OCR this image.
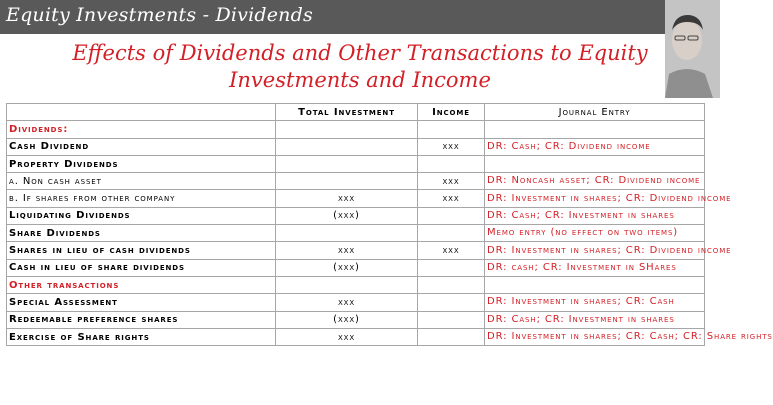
Equity Investments - Dividends
Effects of Dividends and Other Transactions to Equity
Investments and Income
	Total Investment	Income	Journal Entry
Dividends:			
Cash Dividend		xxx	DR: Cash; CR: Dividend income
Property Dividends			
a. Non cash asset		xxx	DR: Noncash asset; CR: Dividend income
b. If shares from other company	xxx	xxx	DR: Investment in shares; CR: Dividend income
Liquidating Dividends	(xxx)		DR: Cash; CR: Investment in shares
Share Dividends			Memo entry (no effect on two items)
Shares in lieu of cash dividends	xxx	xxx	DR: Investment in shares; CR: Dividend income
Cash in lieu of share dividends	(xxx)		DR: cash; CR: Investment in SHares
Other transactions			
Special Assessment	xxx		DR: Investment in shares; CR: Cash
Redeemable preference shares	(xxx)		DR: Cash; CR: Investment in shares
Exercise of Share rights	xxx		DR: Investment in shares; CR: Cash; CR: Share rights
